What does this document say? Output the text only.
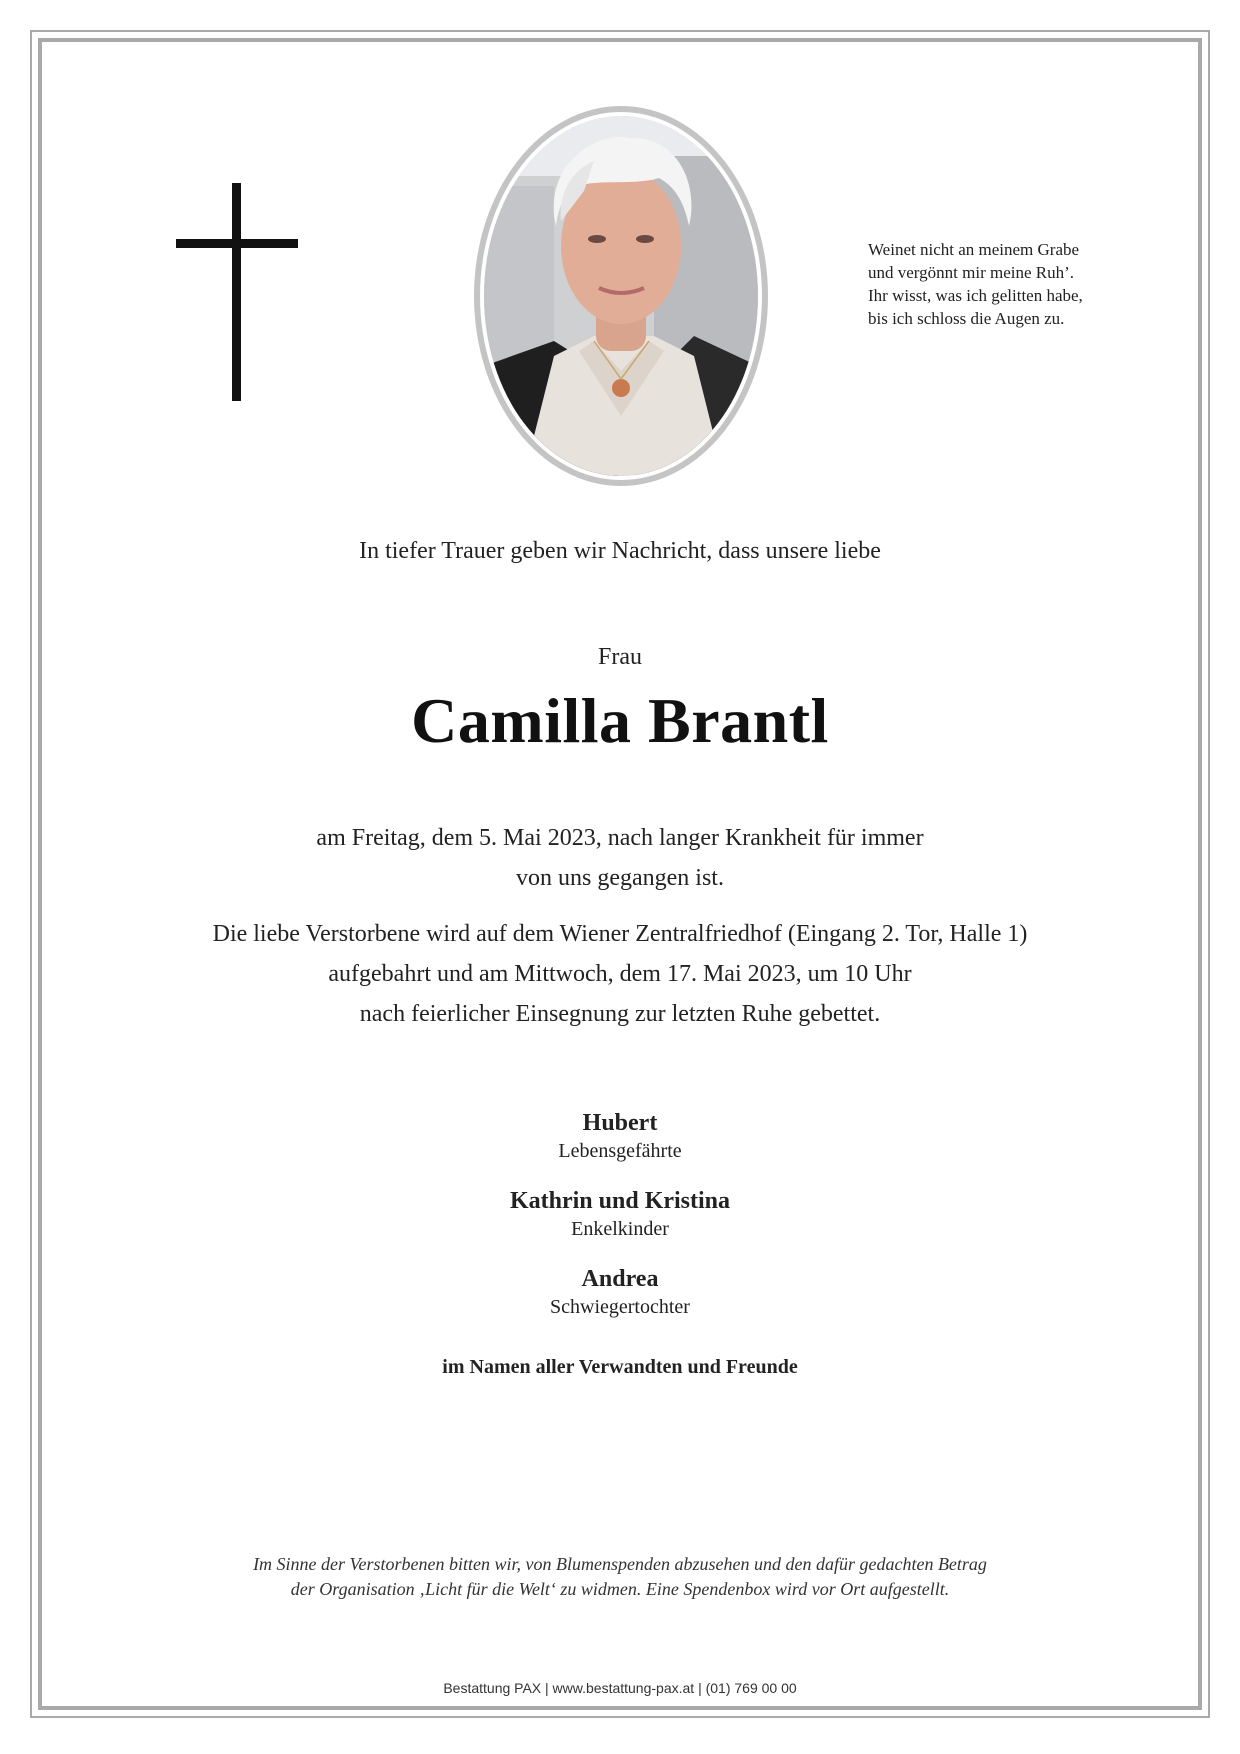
Weinet nicht an meinem Grabe
und vergönnt mir meine Ruh’.
Ihr wisst, was ich gelitten habe,
bis ich schloss die Augen zu.
In tiefer Trauer geben wir Nachricht, dass unsere liebe
Frau
Camilla Brantl
am Freitag, dem 5. Mai 2023, nach langer Krankheit für immer
von uns gegangen ist.
Die liebe Verstorbene wird auf dem Wiener Zentralfriedhof (Eingang 2. Tor, Halle 1)
aufgebahrt und am Mittwoch, dem 17. Mai 2023, um 10 Uhr
nach feierlicher Einsegnung zur letzten Ruhe gebettet.
Hubert
Lebensgefährte
Kathrin und Kristina
Enkelkinder
Andrea
Schwiegertochter
im Namen aller Verwandten und Freunde
Im Sinne der Verstorbenen bitten wir, von Blumenspenden abzusehen und den dafür gedachten Betrag
der Organisation ‚Licht für die Welt‘ zu widmen. Eine Spendenbox wird vor Ort aufgestellt.
Bestattung PAX | www.bestattung-pax.at | (01) 769 00 00
